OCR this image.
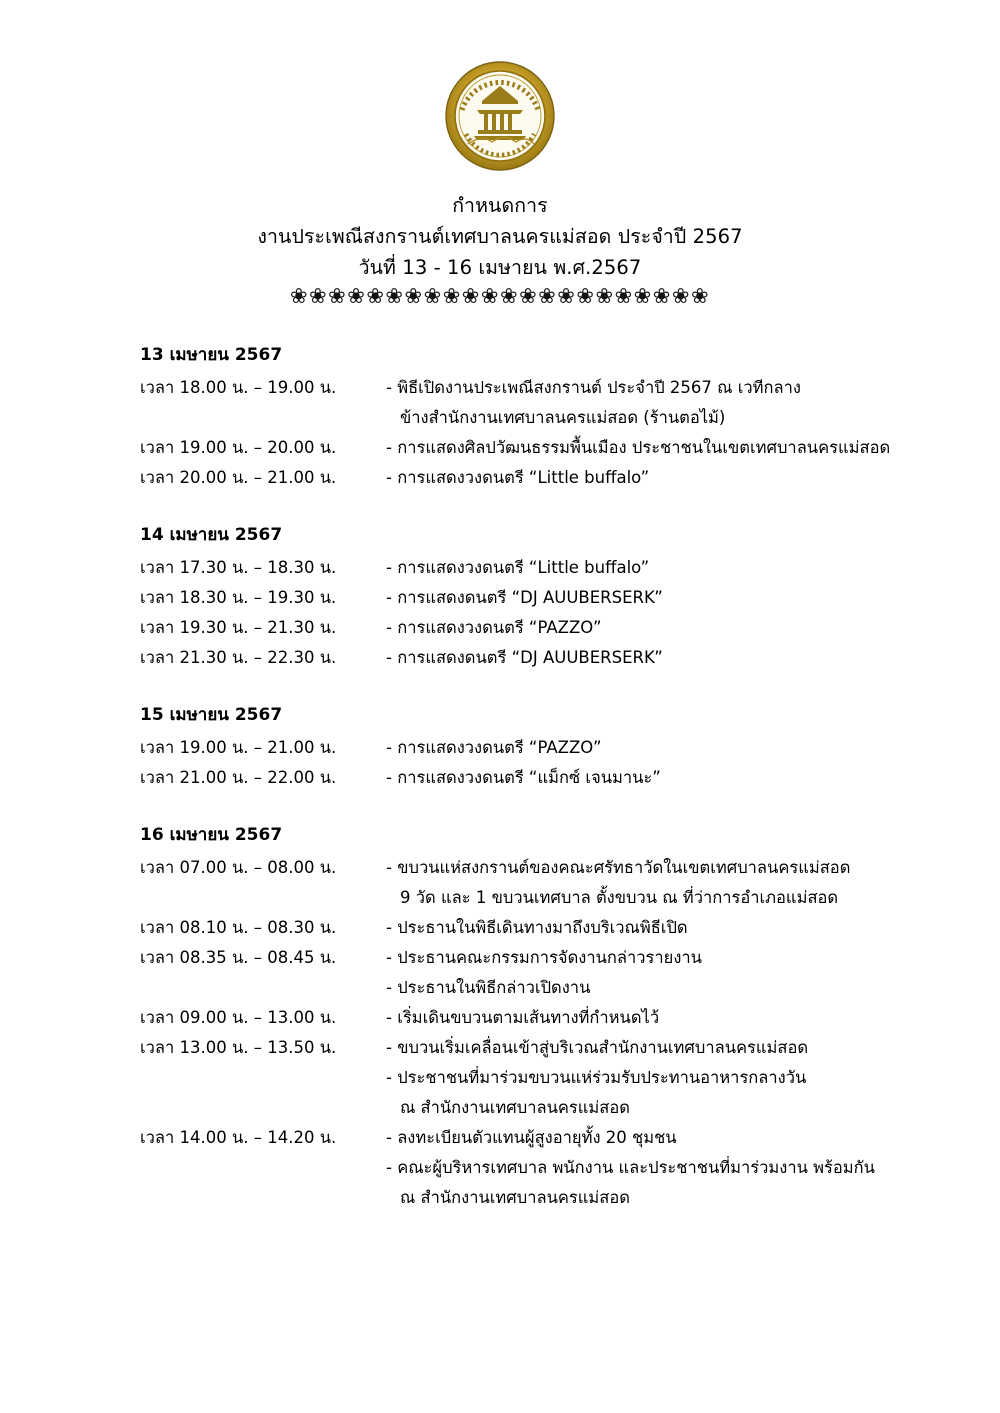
กำหนดการ
งานประเพณีสงกรานต์เทศบาลนครแม่สอด ประจำปี 2567
วันที่ 13 - 16 เมษายน พ.ศ.2567
❀❀❀❀❀❀❀❀❀❀❀❀❀❀❀❀❀❀❀❀❀❀
13 เมษายน 2567
เวลา 18.00 น. – 19.00 น.	- พิธีเปิดงานประเพณีสงกรานต์ ประจำปี 2567 ณ เวทีกลาง
ข้างสำนักงานเทศบาลนครแม่สอด (ร้านตอไม้)
เวลา 19.00 น. – 20.00 น.	- การแสดงศิลปวัฒนธรรมพื้นเมือง ประชาชนในเขตเทศบาลนครแม่สอด
เวลา 20.00 น. – 21.00 น.	- การแสดงวงดนตรี “Little buffalo”
14 เมษายน 2567
เวลา 17.30 น. – 18.30 น.	- การแสดงวงดนตรี “Little buffalo”
เวลา 18.30 น. – 19.30 น.	- การแสดงดนตรี “DJ AUUBERSERK”
เวลา 19.30 น. – 21.30 น.	- การแสดงวงดนตรี “PAZZO”
เวลา 21.30 น. – 22.30 น.	- การแสดงดนตรี “DJ AUUBERSERK”
15 เมษายน 2567
เวลา 19.00 น. – 21.00 น.	- การแสดงวงดนตรี “PAZZO”
เวลา 21.00 น. – 22.00 น.	- การแสดงวงดนตรี “แม็กซ์ เจนมานะ”
16 เมษายน 2567
เวลา 07.00 น. – 08.00 น.	- ขบวนแห่สงกรานต์ของคณะศรัทธาวัดในเขตเทศบาลนครแม่สอด
9 วัด และ 1 ขบวนเทศบาล ตั้งขบวน ณ ที่ว่าการอำเภอแม่สอด
เวลา 08.10 น. – 08.30 น.	- ประธานในพิธีเดินทางมาถึงบริเวณพิธีเปิด
เวลา 08.35 น. – 08.45 น.	- ประธานคณะกรรมการจัดงานกล่าวรายงาน
- ประธานในพิธีกล่าวเปิดงาน
เวลา 09.00 น. – 13.00 น.	- เริ่มเดินขบวนตามเส้นทางที่กำหนดไว้
เวลา 13.00 น. – 13.50 น.	- ขบวนเริ่มเคลื่อนเข้าสู่บริเวณสำนักงานเทศบาลนครแม่สอด
- ประชาชนที่มาร่วมขบวนแห่ร่วมรับประทานอาหารกลางวัน
ณ สำนักงานเทศบาลนครแม่สอด
เวลา 14.00 น. – 14.20 น.	- ลงทะเบียนตัวแทนผู้สูงอายุทั้ง 20 ชุมชน
- คณะผู้บริหารเทศบาล พนักงาน และประชาชนที่มาร่วมงาน พร้อมกัน
ณ สำนักงานเทศบาลนครแม่สอด
